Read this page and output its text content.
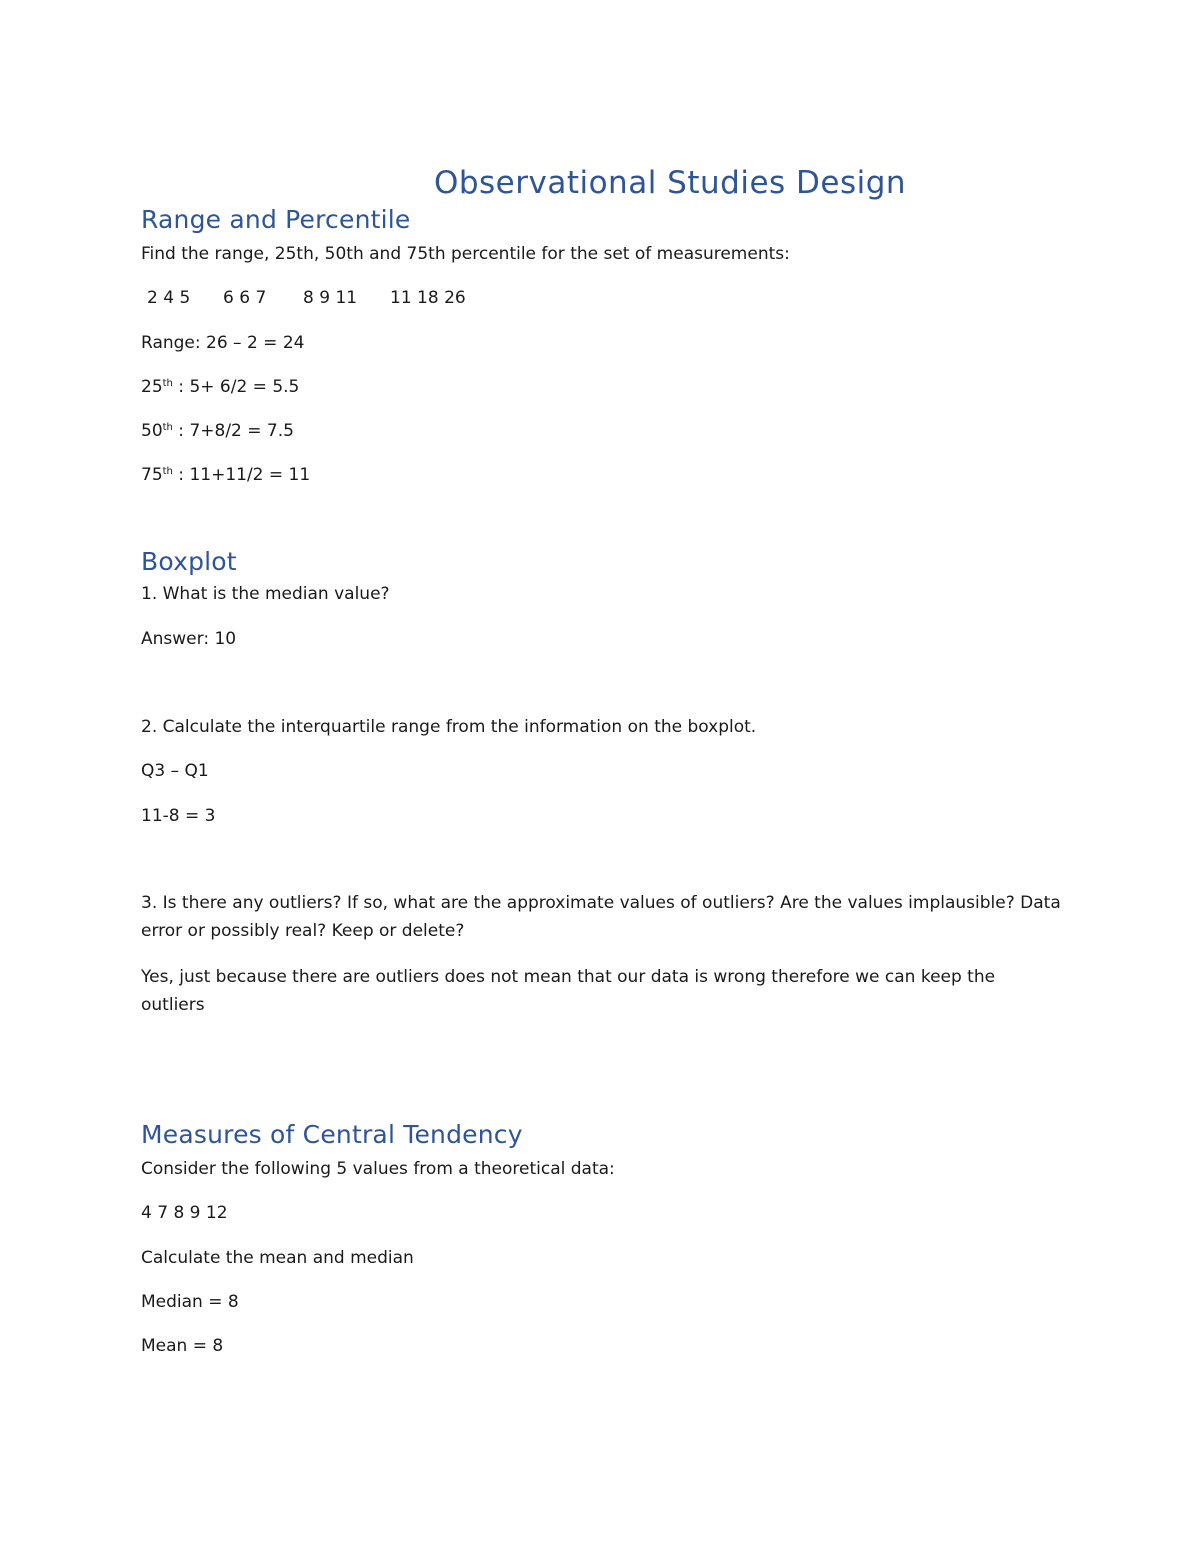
Observational Studies Design
Range and Percentile
Find the range, 25th, 50th and 75th percentile for the set of measurements:
2 4 5 6 6 7 8 9 11 11 18 26
Range: 26 – 2 = 24
25th : 5+ 6/2 = 5.5
50th : 7+8/2 = 7.5
75th : 11+11/2 = 11
Boxplot
1. What is the median value?
Answer: 10
2. Calculate the interquartile range from the information on the boxplot.
Q3 – Q1
11-8 = 3
3. Is there any outliers? If so, what are the approximate values of outliers? Are the values implausible? Data error or possibly real? Keep or delete?
Yes, just because there are outliers does not mean that our data is wrong therefore we can keep the outliers
Measures of Central Tendency
Consider the following 5 values from a theoretical data:
4 7 8 9 12
Calculate the mean and median
Median = 8
Mean = 8
